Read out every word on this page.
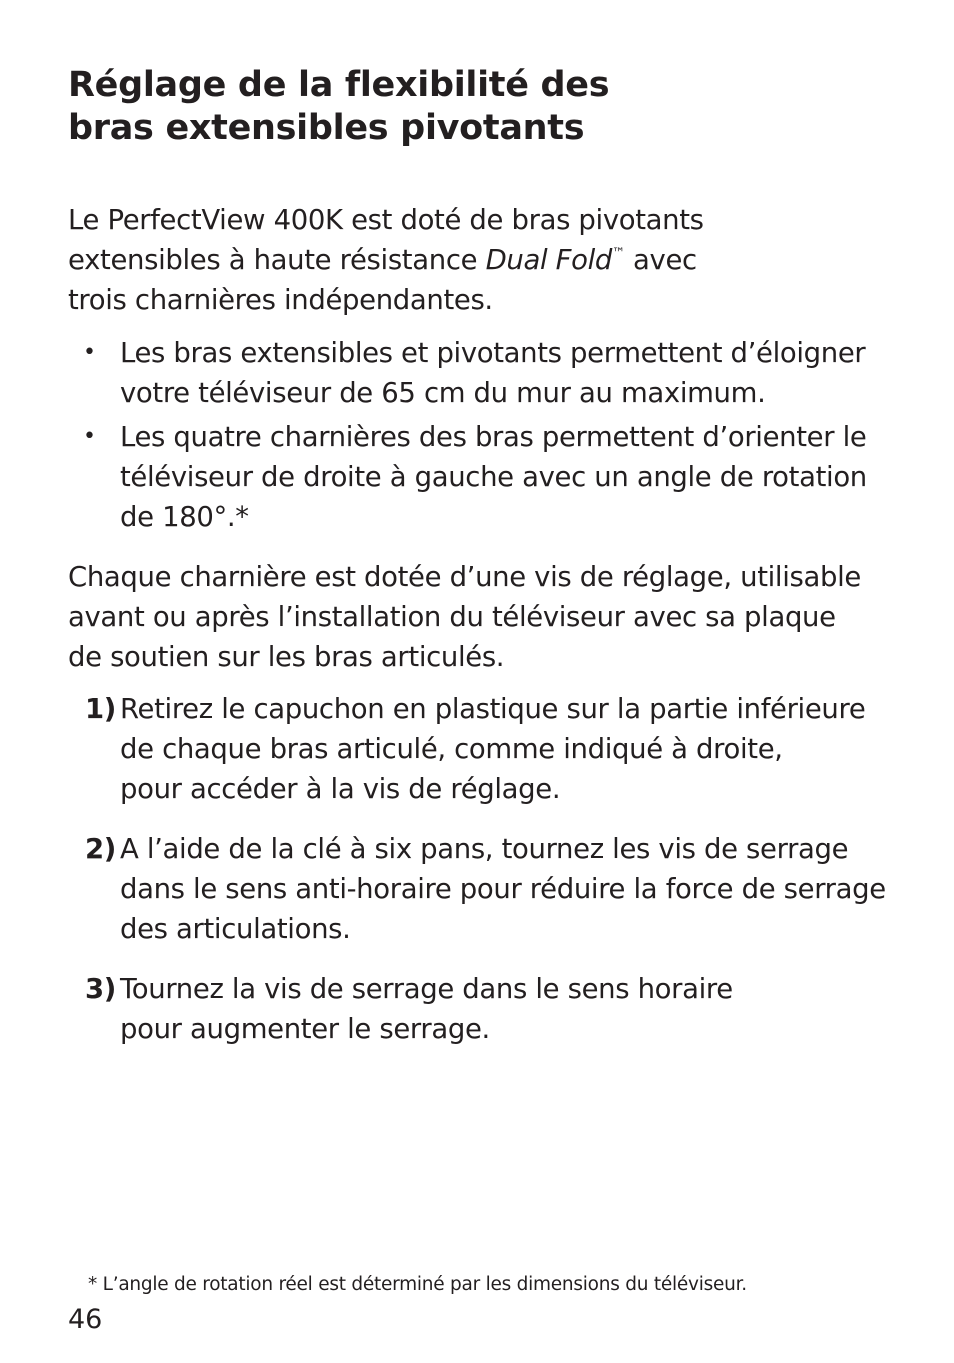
Réglage de la flexibilité des
bras extensibles pivotants

Le PerfectView 400K est doté de bras pivotants
extensibles à haute résistance Dual Fold™ avec
trois charnières indépendantes.

• Les bras extensibles et pivotants permettent d’éloigner
votre téléviseur de 65 cm du mur au maximum.
• Les quatre charnières des bras permettent d’orienter le
téléviseur de droite à gauche avec un angle de rotation
de 180°.*

Chaque charnière est dotée d’une vis de réglage, utilisable
avant ou après l’installation du téléviseur avec sa plaque
de soutien sur les bras articulés.

1) Retirez le capuchon en plastique sur la partie inférieure
de chaque bras articulé, comme indiqué à droite,
pour accéder à la vis de réglage.
2) A l’aide de la clé à six pans, tournez les vis de serrage
dans le sens anti-horaire pour réduire la force de serrage
des articulations.
3) Tournez la vis de serrage dans le sens horaire
pour augmenter le serrage.

* L’angle de rotation réel est déterminé par les dimensions du téléviseur.

46
